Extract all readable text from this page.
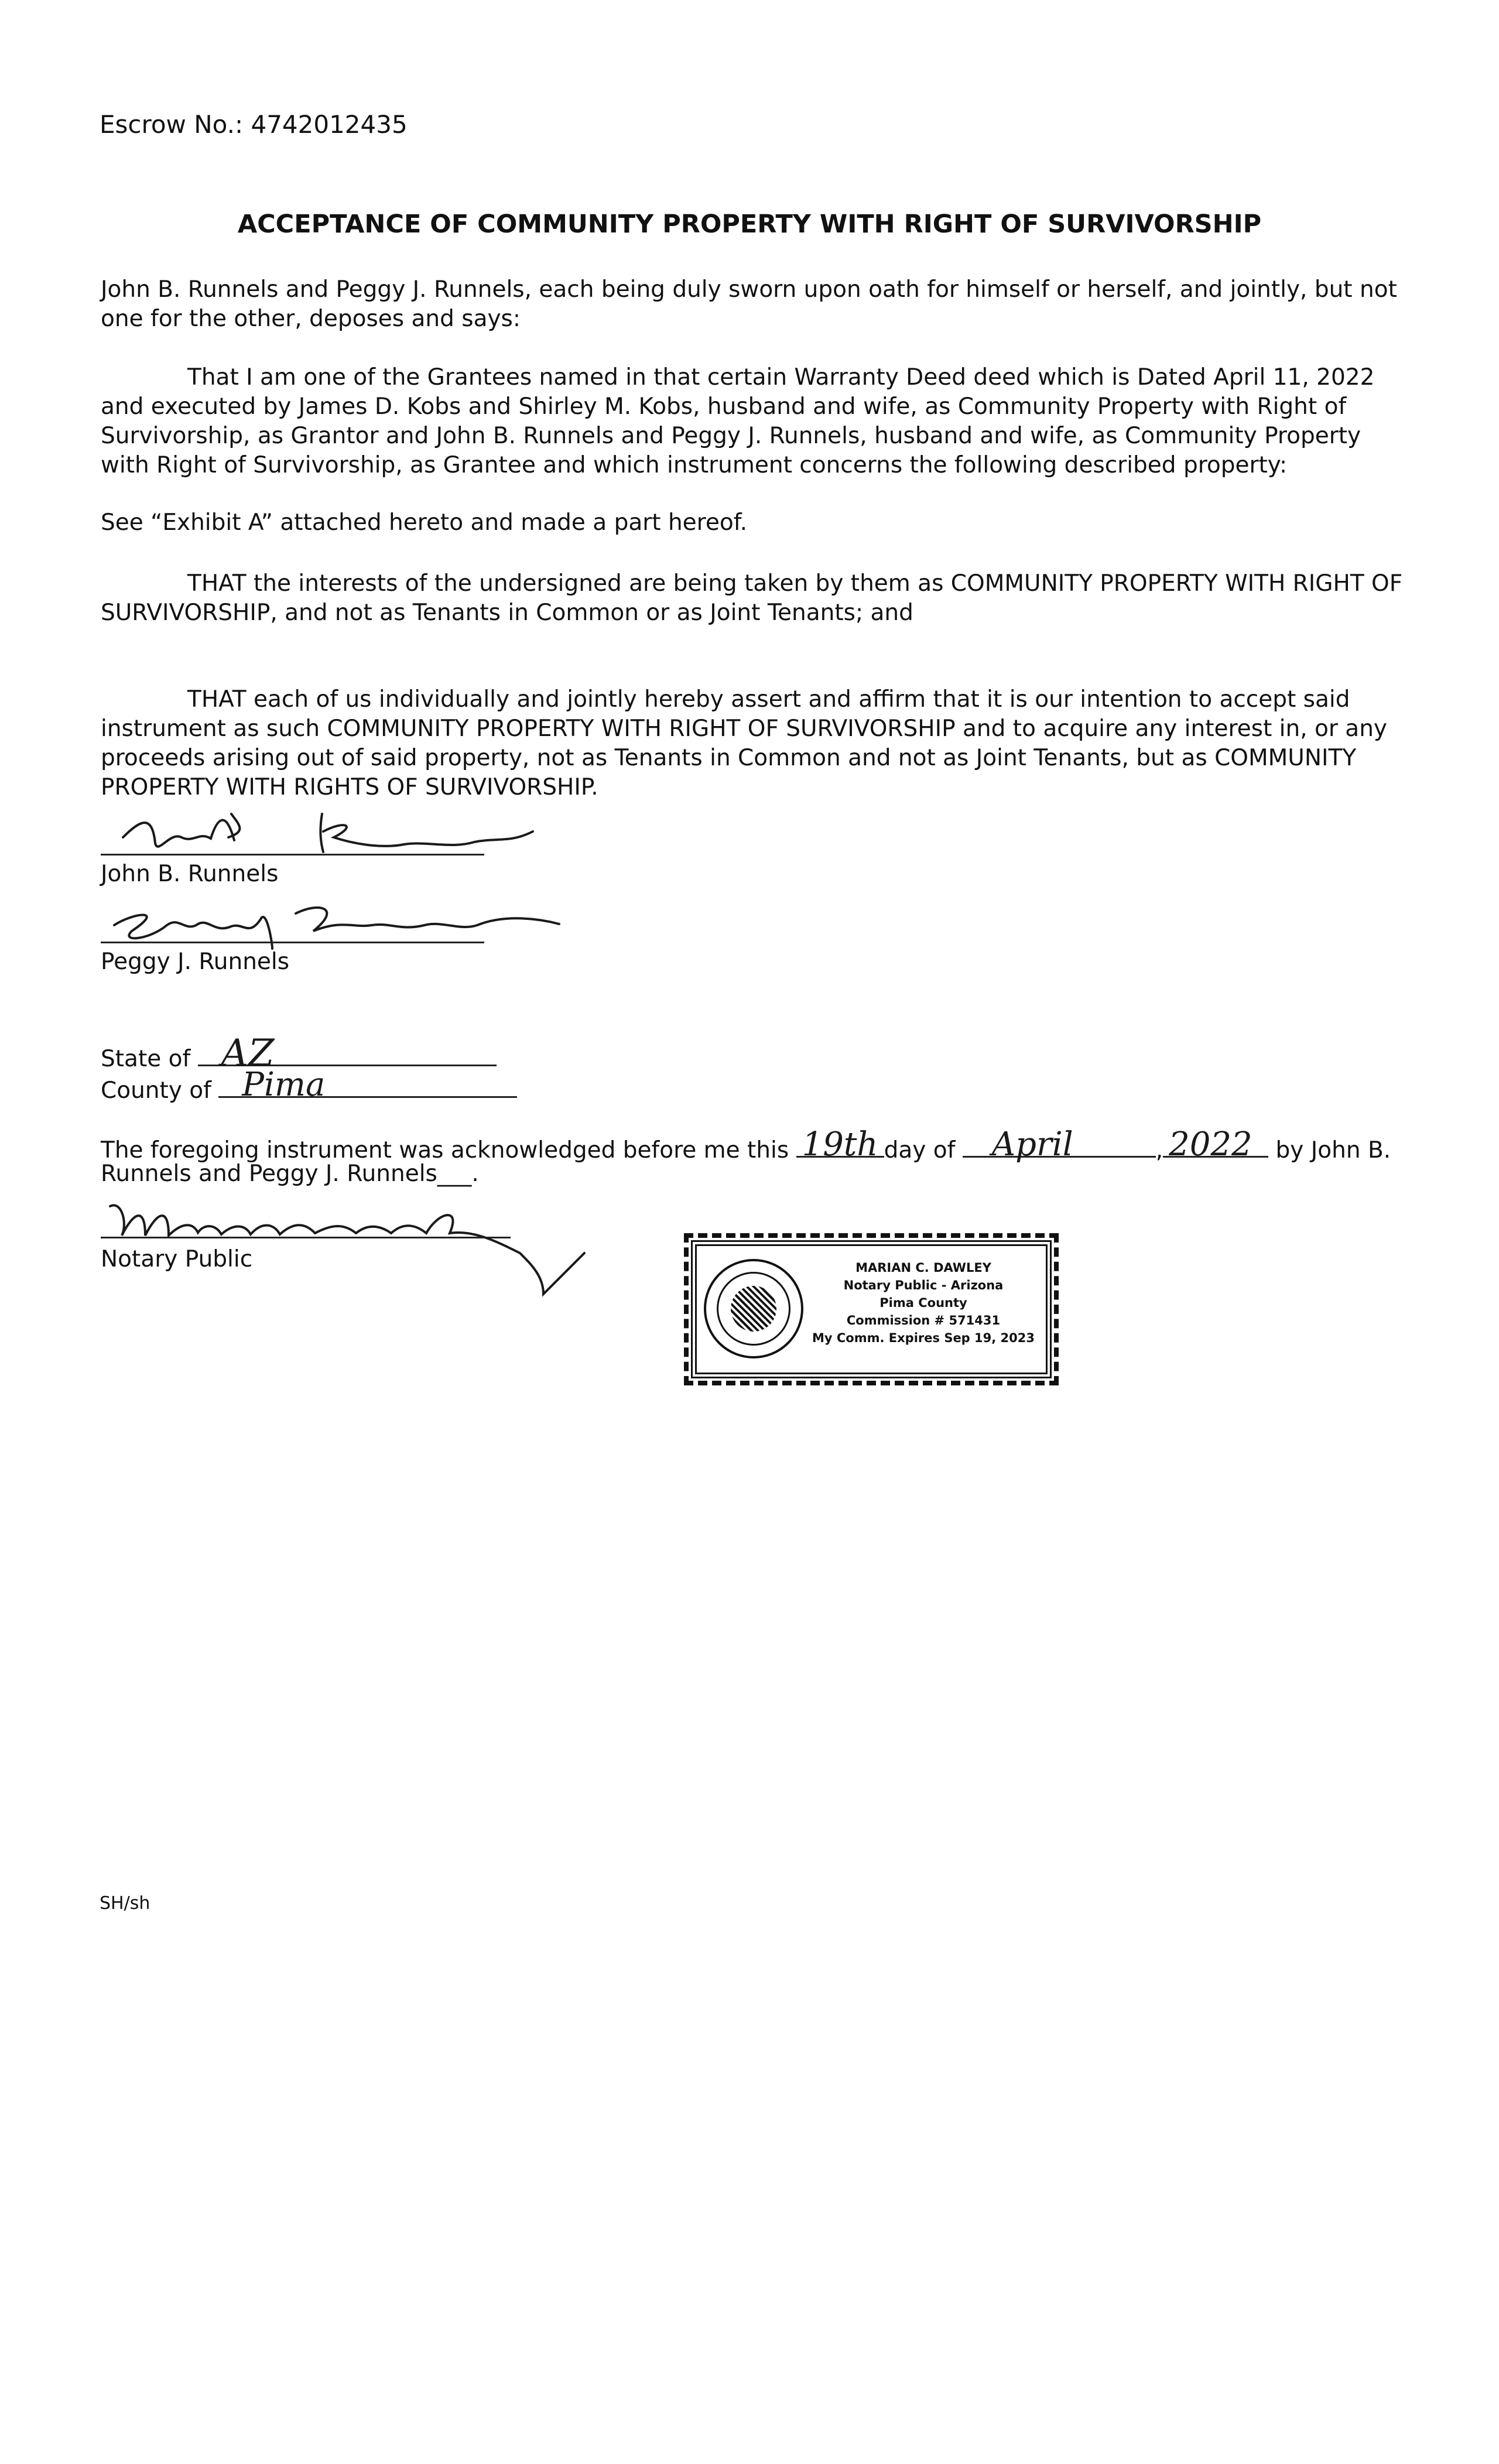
Escrow No.: 4742012435
ACCEPTANCE OF COMMUNITY PROPERTY WITH RIGHT OF SURVIVORSHIP
John B. Runnels and Peggy J. Runnels, each being duly sworn upon oath for himself or herself, and jointly, but not one for the other, deposes and says:
That I am one of the Grantees named in that certain Warranty Deed deed which is Dated April 11, 2022 and executed by James D. Kobs and Shirley M. Kobs, husband and wife, as Community Property with Right of Survivorship, as Grantor and John B. Runnels and Peggy J. Runnels, husband and wife, as Community Property with Right of Survivorship, as Grantee and which instrument concerns the following described property:
See “Exhibit A” attached hereto and made a part hereof.
THAT the interests of the undersigned are being taken by them as COMMUNITY PROPERTY WITH RIGHT OF SURVIVORSHIP, and not as Tenants in Common or as Joint Tenants; and
THAT each of us individually and jointly hereby assert and affirm that it is our intention to accept said instrument as such COMMUNITY PROPERTY WITH RIGHT OF SURVIVORSHIP and to acquire any interest in, or any proceeds arising out of said property, not as Tenants in Common and not as Joint Tenants, but as COMMUNITY PROPERTY WITH RIGHTS OF SURVIVORSHIP.
John B. Runnels
Peggy J. Runnels
State of AZ
County of Pima
The foregoing instrument was acknowledged before me this 19th day of April	, 2022 by John B.
Runnels and Peggy J. Runnels___.
Notary Public	MARIAN C. DAWLEY
Notary Public - Arizona
Pima County
Commission # 571431
My Comm. Expires Sep 19, 2023
SH/sh
